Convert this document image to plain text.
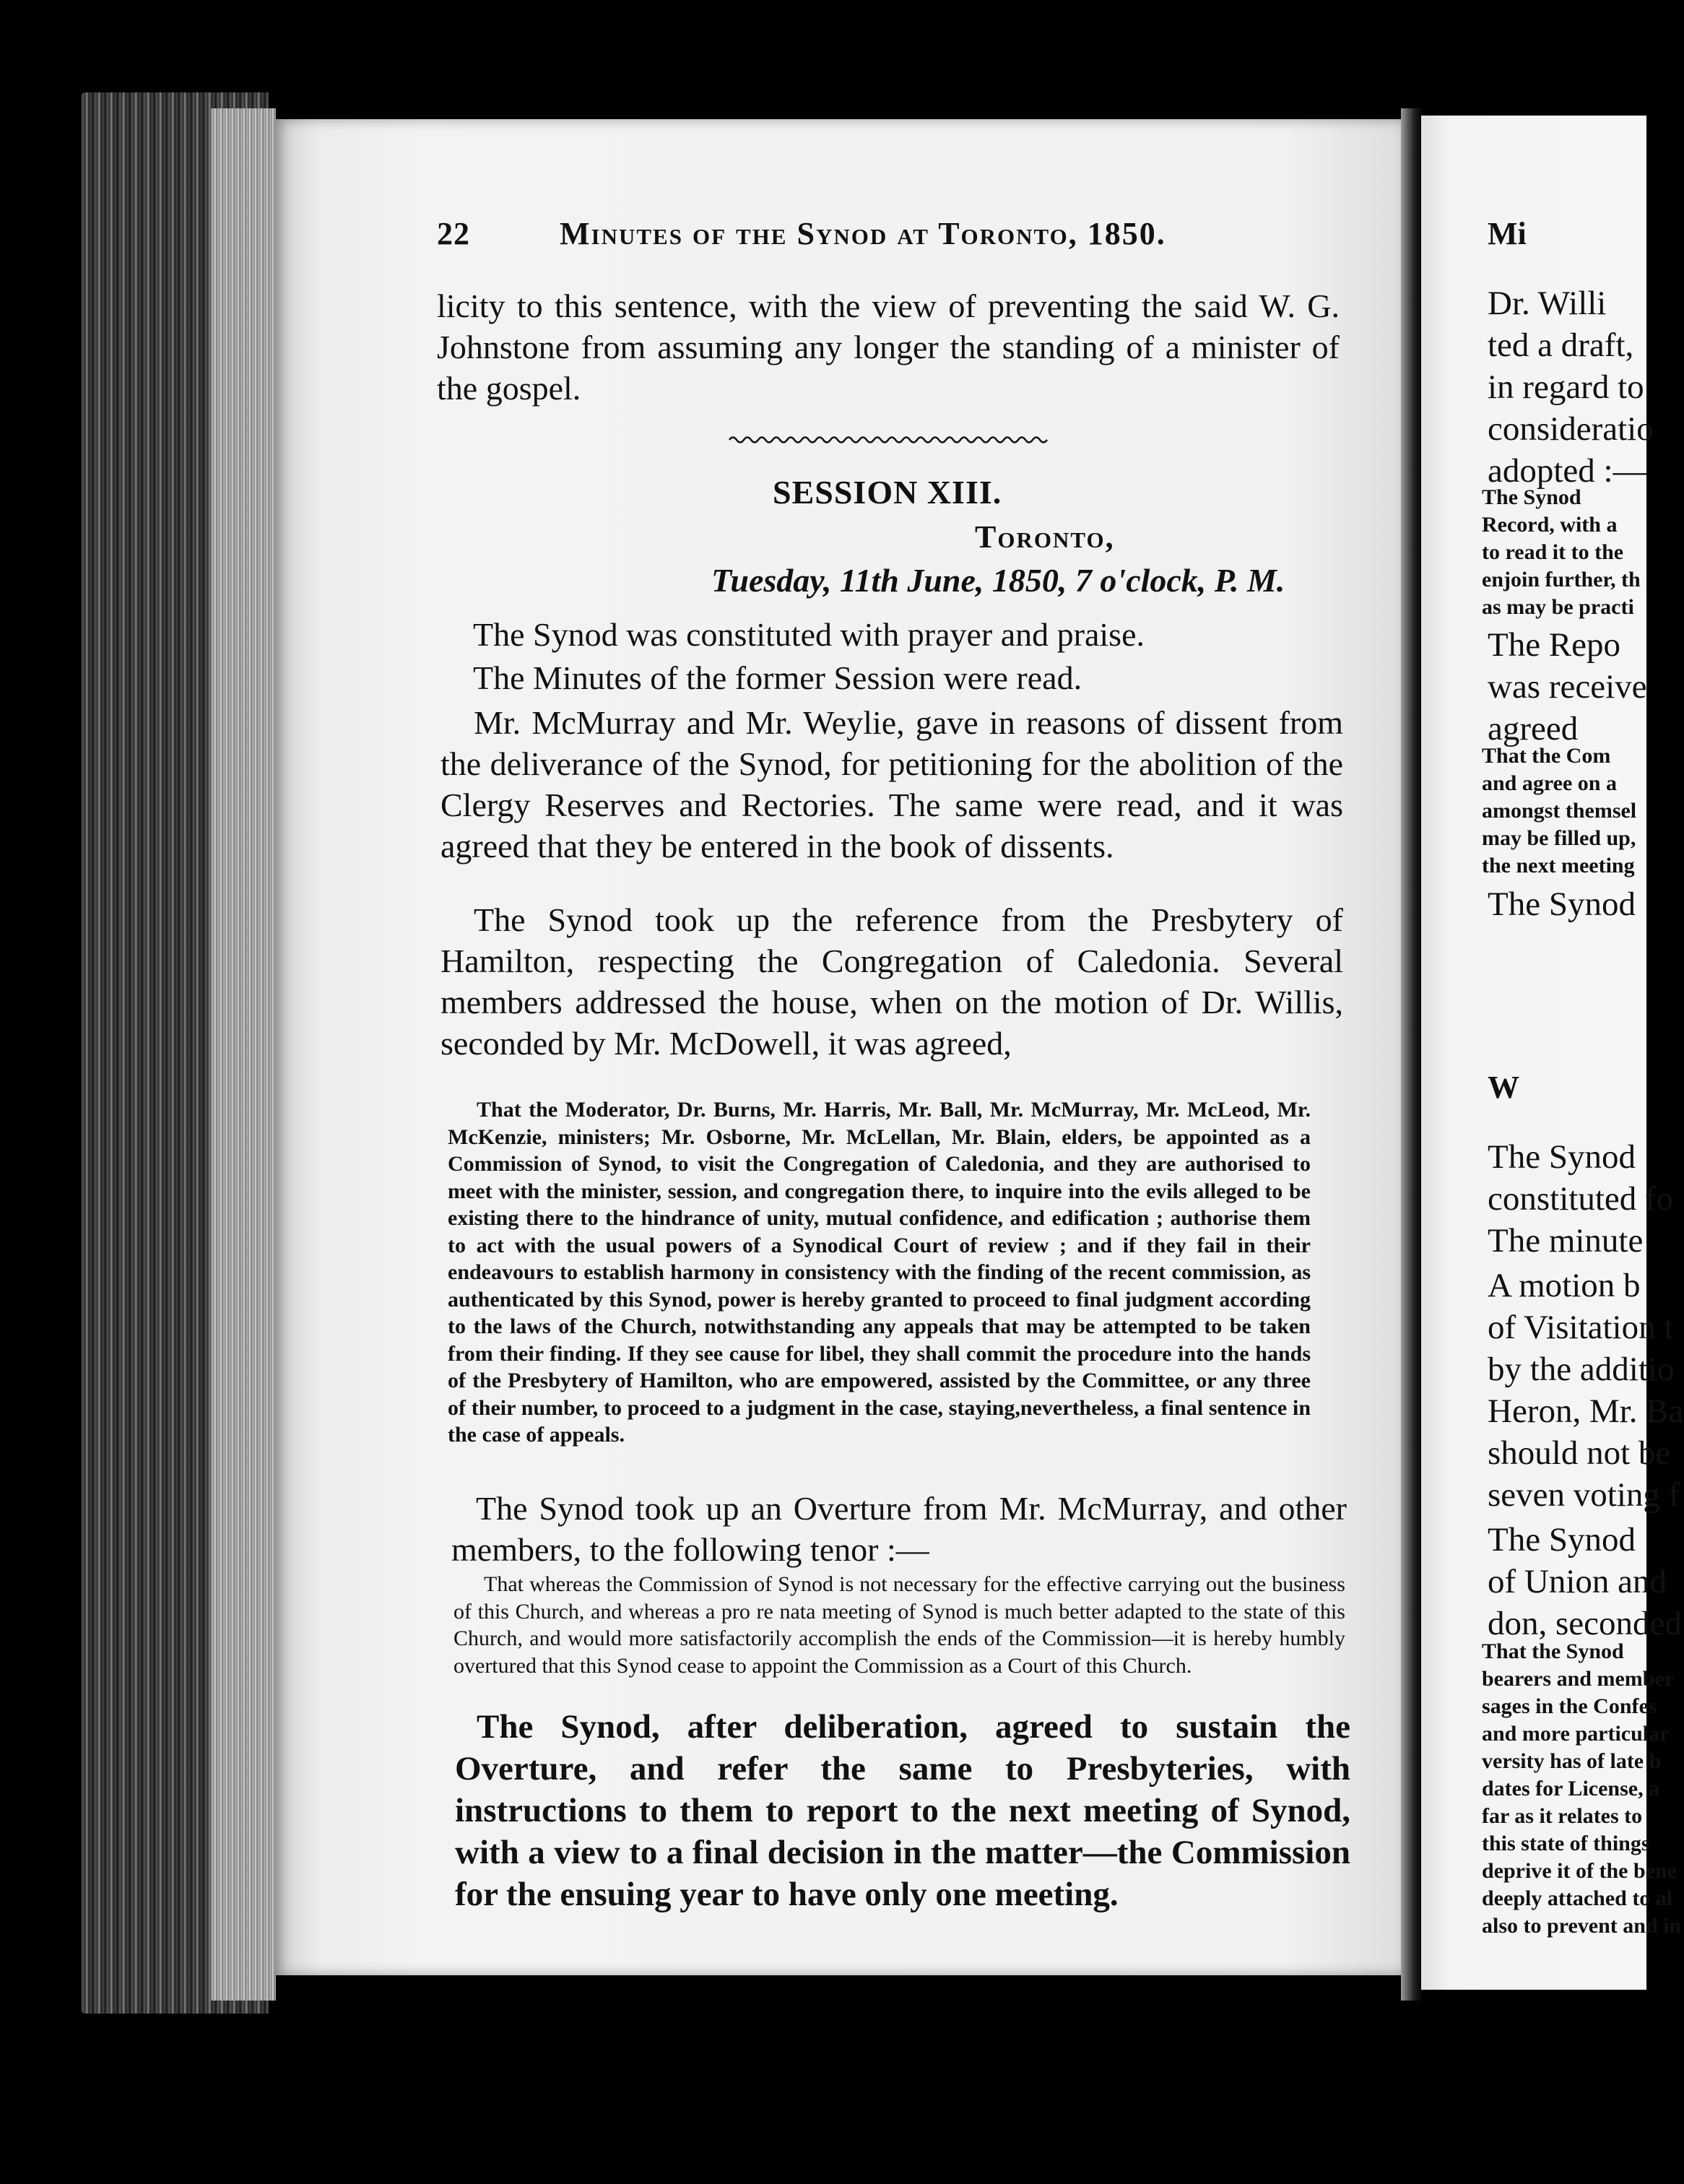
22	Minutes of the Synod at Toronto, 1850.

licity to this sentence, with the view of preventing the said W. G. Johnstone from assuming any longer the standing of a minister of the gospel.

SESSION XIII.
Toronto,
Tuesday, 11th June, 1850, 7 o'clock, P. M.

The Synod was constituted with prayer and praise.

The Minutes of the former Session were read.

Mr. McMurray and Mr. Weylie, gave in reasons of dissent from the deliverance of the Synod, for petitioning for the abolition of the Clergy Reserves and Rectories. The same were read, and it was agreed that they be entered in the book of dissents.

The Synod took up the reference from the Presbytery of Hamilton, respecting the Congregation of Caledonia. Several members addressed the house, when on the motion of Dr. Willis, seconded by Mr. McDowell, it was agreed,

That the Moderator, Dr. Burns, Mr. Harris, Mr. Ball, Mr. McMurray, Mr. McLeod, Mr. McKenzie, ministers; Mr. Osborne, Mr. McLellan, Mr. Blain, elders, be appointed as a Commission of Synod, to visit the Congregation of Caledonia, and they are authorised to meet with the minister, session, and congregation there, to inquire into the evils alleged to be existing there to the hindrance of unity, mutual confidence, and edification ; authorise them to act with the usual powers of a Synodical Court of review ; and if they fail in their endeavours to establish harmony in consistency with the finding of the recent commission, as authenticated by this Synod, power is hereby granted to proceed to final judgment according to the laws of the Church, notwithstanding any appeals that may be attempted to be taken from their finding. If they see cause for libel, they shall commit the procedure into the hands of the Presbytery of Hamilton, who are empowered, assisted by the Committee, or any three of their number, to proceed to a judgment in the case, staying,nevertheless, a final sentence in the case of appeals.

The Synod took up an Overture from Mr. McMurray, and other members, to the following tenor :—

That whereas the Commission of Synod is not necessary for the effective carrying out the business of this Church, and whereas a pro re nata meeting of Synod is much better adapted to the state of this Church, and would more satisfactorily accomplish the ends of the Commission—it is hereby humbly overtured that this Synod cease to appoint the Commission as a Court of this Church.

The Synod, after deliberation, agreed to sustain the Overture, and refer the same to Presbyteries, with instructions to them to report to the next meeting of Synod, with a view to a final decision in the matter—the Commission for the ensuing year to have only one meeting.

Mi
Dr. Willi
ted a draft,
in regard to
consideratio
adopted :—
The Synod
Record, with a
to read it to the
enjoin further, th
as may be practi
The Repo
was receive
agreed
That the Com
and agree on a
amongst themsel
may be filled up,
the next meeting
The Synod
W
The Synod
constituted fo
The minute
A motion b
of Visitation t
by the additio
Heron, Mr. Ba
should not be
seven voting f
The Synod
of Union and
don, seconded
That the Synod
bearers and member
sages in the Confes
and more particular
versity has of late b
dates for License, a
far as it relates to
this state of things
deprive it of the bene
deeply attached to al
also to prevent and in
